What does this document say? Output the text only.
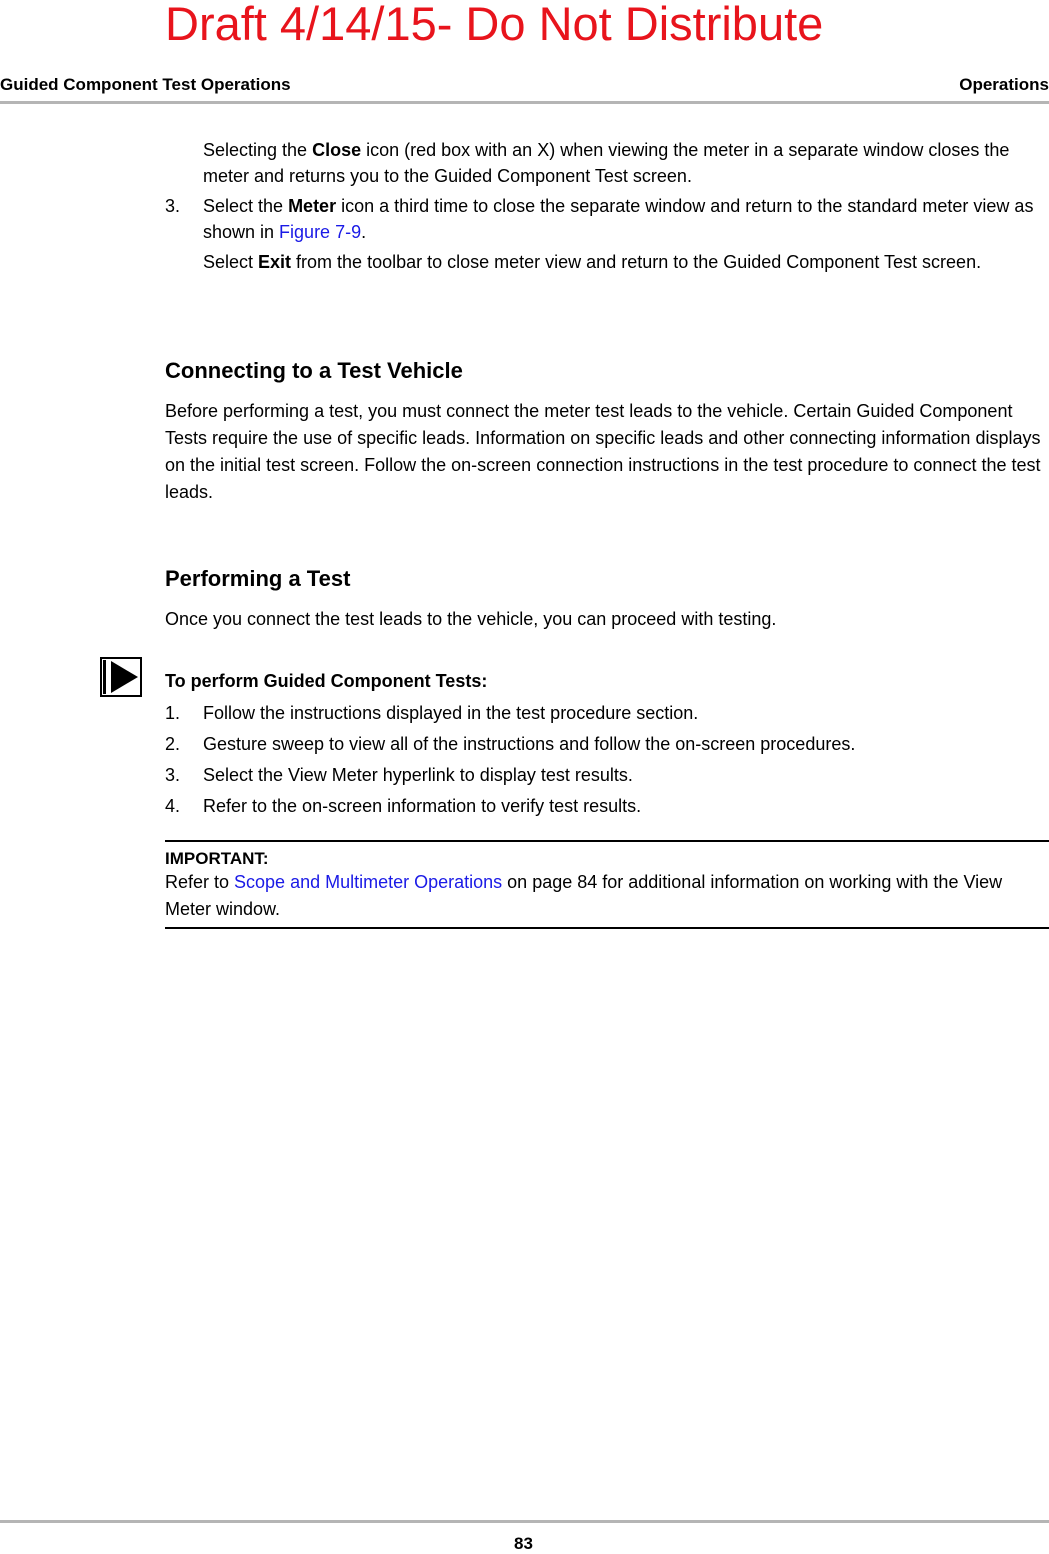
Draft 4/14/15- Do Not Distribute
Guided Component Test Operations	Operations
Selecting the Close icon (red box with an X) when viewing the meter in a separate window closes the meter and returns you to the Guided Component Test screen.
3. Select the Meter icon a third time to close the separate window and return to the standard meter view as shown in Figure 7-9.
Select Exit from the toolbar to close meter view and return to the Guided Component Test screen.
Connecting to a Test Vehicle
Before performing a test, you must connect the meter test leads to the vehicle. Certain Guided Component Tests require the use of specific leads. Information on specific leads and other connecting information displays on the initial test screen. Follow the on-screen connection instructions in the test procedure to connect the test leads.
Performing a Test
Once you connect the test leads to the vehicle, you can proceed with testing.
To perform Guided Component Tests:
1. Follow the instructions displayed in the test procedure section.
2. Gesture sweep to view all of the instructions and follow the on-screen procedures.
3. Select the View Meter hyperlink to display test results.
4. Refer to the on-screen information to verify test results.
IMPORTANT:
Refer to Scope and Multimeter Operations on page 84 for additional information on working with the View Meter window.
83
